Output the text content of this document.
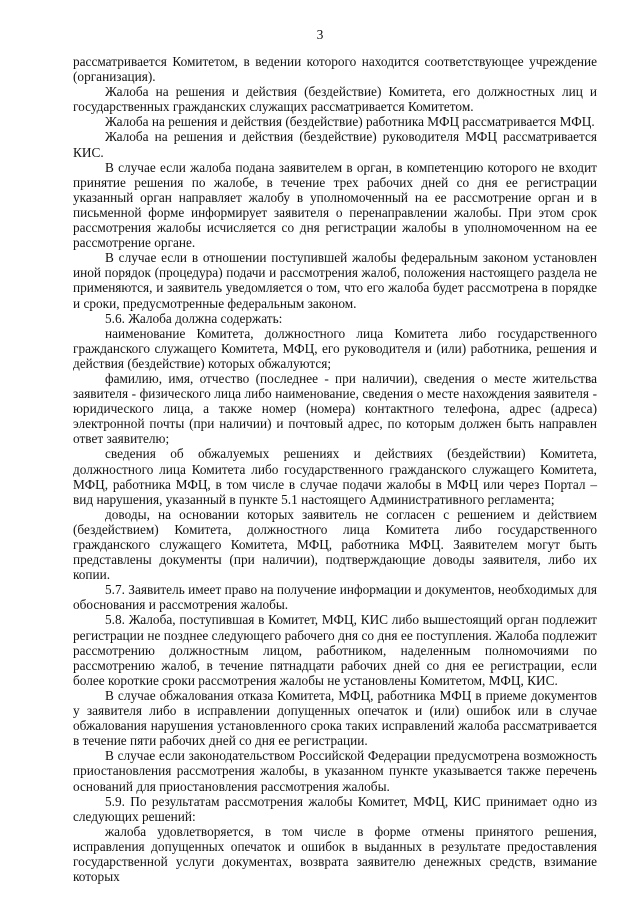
3

рассматривается Комитетом, в ведении которого находится соответствующее учреждение (организация).

Жалоба на решения и действия (бездействие) Комитета, его должностных лиц и государственных гражданских служащих рассматривается Комитетом.

Жалоба на решения и действия (бездействие) работника МФЦ рассматривается МФЦ.

Жалоба на решения и действия (бездействие) руководителя МФЦ рассматривается КИС.

В случае если жалоба подана заявителем в орган, в компетенцию которого не входит принятие решения по жалобе, в течение трех рабочих дней со дня ее регистрации указанный орган направляет жалобу в уполномоченный на ее рассмотрение орган и в письменной форме информирует заявителя о перенаправлении жалобы. При этом срок рассмотрения жалобы исчисляется со дня регистрации жалобы в уполномоченном на ее рассмотрение органе.

В случае если в отношении поступившей жалобы федеральным законом установлен иной порядок (процедура) подачи и рассмотрения жалоб, положения настоящего раздела не применяются, и заявитель уведомляется о том, что его жалоба будет рассмотрена в порядке и сроки, предусмотренные федеральным законом.

5.6. Жалоба должна содержать:

наименование Комитета, должностного лица Комитета либо государственного гражданского служащего Комитета, МФЦ, его руководителя и (или) работника, решения и действия (бездействие) которых обжалуются;

фамилию, имя, отчество (последнее - при наличии), сведения о месте жительства заявителя - физического лица либо наименование, сведения о месте нахождения заявителя - юридического лица, а также номер (номера) контактного телефона, адрес (адреса) электронной почты (при наличии) и почтовый адрес, по которым должен быть направлен ответ заявителю;

сведения об обжалуемых решениях и действиях (бездействии) Комитета, должностного лица Комитета либо государственного гражданского служащего Комитета, МФЦ, работника МФЦ, в том числе в случае подачи жалобы в МФЦ или через Портал – вид нарушения, указанный в пункте 5.1 настоящего Административного регламента;

доводы, на основании которых заявитель не согласен с решением и действием (бездействием) Комитета, должностного лица Комитета либо государственного гражданского служащего Комитета, МФЦ, работника МФЦ. Заявителем могут быть представлены документы (при наличии), подтверждающие доводы заявителя, либо их копии.

5.7. Заявитель имеет право на получение информации и документов, необходимых для обоснования и рассмотрения жалобы.

5.8. Жалоба, поступившая в Комитет, МФЦ, КИС либо вышестоящий орган подлежит регистрации не позднее следующего рабочего дня со дня ее поступления. Жалоба подлежит рассмотрению должностным лицом, работником, наделенным полномочиями по рассмотрению жалоб, в течение пятнадцати рабочих дней со дня ее регистрации, если более короткие сроки рассмотрения жалобы не установлены Комитетом, МФЦ, КИС.

В случае обжалования отказа Комитета, МФЦ, работника МФЦ в приеме документов у заявителя либо в исправлении допущенных опечаток и (или) ошибок или в случае обжалования нарушения установленного срока таких исправлений жалоба рассматривается в течение пяти рабочих дней со дня ее регистрации.

В случае если законодательством Российской Федерации предусмотрена возможность приостановления рассмотрения жалобы, в указанном пункте указывается также перечень оснований для приостановления рассмотрения жалобы.

5.9. По результатам рассмотрения жалобы Комитет, МФЦ, КИС принимает одно из следующих решений:

жалоба удовлетворяется, в том числе в форме отмены принятого решения, исправления допущенных опечаток и ошибок в выданных в результате предоставления государственной услуги документах, возврата заявителю денежных средств, взимание которых
